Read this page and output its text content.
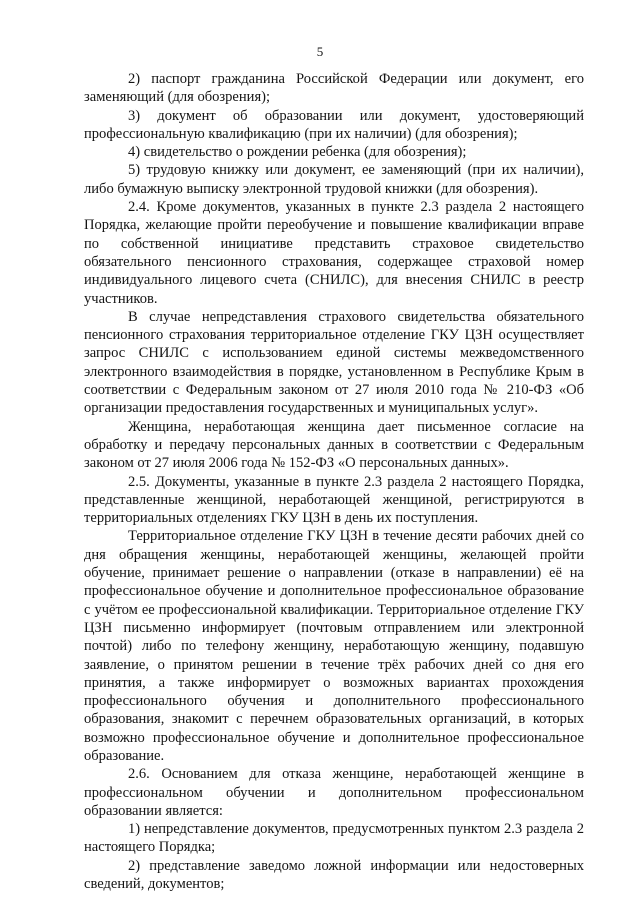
5

2) паспорт гражданина Российской Федерации или документ, его заменяющий (для обозрения);

3) документ об образовании или документ, удостоверяющий профессиональную квалификацию (при их наличии) (для обозрения);

4) свидетельство о рождении ребенка (для обозрения);

5) трудовую книжку или документ, ее заменяющий (при их наличии), либо бумажную выписку электронной трудовой книжки (для обозрения).

2.4. Кроме документов, указанных в пункте 2.3 раздела 2 настоящего Порядка, желающие пройти переобучение и повышение квалификации вправе по собственной инициативе представить страховое свидетельство обязательного пенсионного страхования, содержащее страховой номер индивидуального лицевого счета (СНИЛС), для внесения СНИЛС в реестр участников.

В случае непредставления страхового свидетельства обязательного пенсионного страхования территориальное отделение ГКУ ЦЗН осуществляет запрос СНИЛС с использованием единой системы межведомственного электронного взаимодействия в порядке, установленном в Республике Крым в соответствии с Федеральным законом от 27 июля 2010 года № 210-ФЗ «Об организации предоставления государственных и муниципальных услуг».

Женщина, неработающая женщина дает письменное согласие на обработку и передачу персональных данных в соответствии с Федеральным законом от 27 июля 2006 года № 152-ФЗ «О персональных данных».

2.5. Документы, указанные в пункте 2.3 раздела 2 настоящего Порядка, представленные женщиной, неработающей женщиной, регистрируются в территориальных отделениях ГКУ ЦЗН в день их поступления.

Территориальное отделение ГКУ ЦЗН в течение десяти рабочих дней со дня обращения женщины, неработающей женщины, желающей пройти обучение, принимает решение о направлении (отказе в направлении) её на профессиональное обучение и дополнительное профессиональное образование с учётом ее профессиональной квалификации. Территориальное отделение ГКУ ЦЗН письменно информирует (почтовым отправлением или электронной почтой) либо по телефону женщину, неработающую женщину, подавшую заявление, о принятом решении в течение трёх рабочих дней со дня его принятия, а также информирует о возможных вариантах прохождения профессионального обучения и дополнительного профессионального образования, знакомит с перечнем образовательных организаций, в которых возможно профессиональное обучение и дополнительное профессиональное образование.

2.6. Основанием для отказа женщине, неработающей женщине в профессиональном обучении и дополнительном профессиональном образовании является:

1) непредставление документов, предусмотренных пунктом 2.3 раздела 2 настоящего Порядка;

2) представление заведомо ложной информации или недостоверных сведений, документов;
